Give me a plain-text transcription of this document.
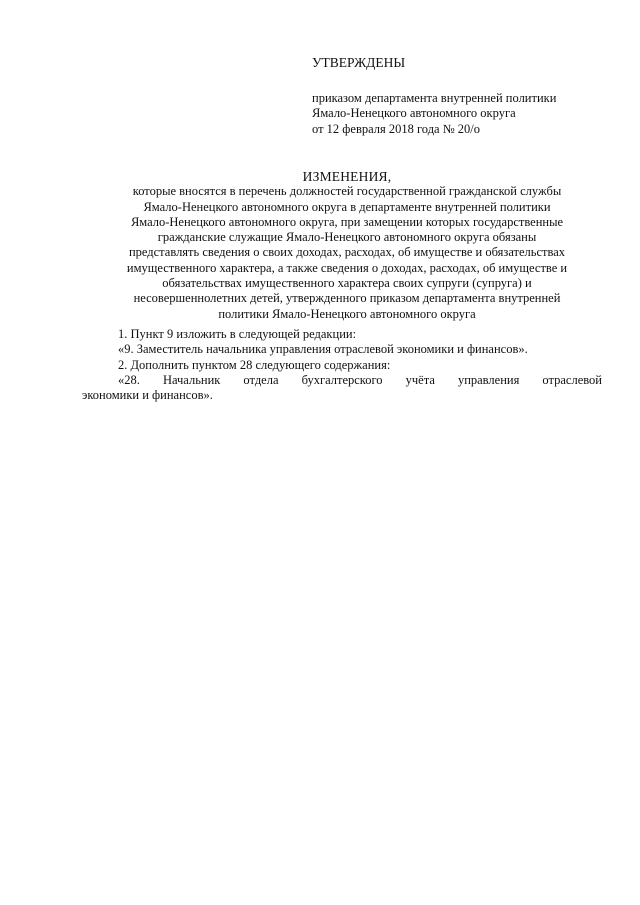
УТВЕРЖДЕНЫ
приказом департамента внутренней политики
Ямало-Ненецкого автономного округа
от 12 февраля 2018 года № 20/о
ИЗМЕНЕНИЯ,
которые вносятся в перечень должностей государственной гражданской службы
Ямало-Ненецкого автономного округа в департаменте внутренней политики
Ямало-Ненецкого автономного округа, при замещении которых государственные
гражданские служащие Ямало-Ненецкого автономного округа обязаны
представлять сведения о своих доходах, расходах, об имуществе и обязательствах
имущественного характера, а также сведения о доходах, расходах, об имуществе и
обязательствах имущественного характера своих супруги (супруга) и
несовершеннолетних детей, утвержденного приказом департамента внутренней
политики Ямало-Ненецкого автономного округа
1. Пункт 9 изложить в следующей редакции:
«9. Заместитель начальника управления отраслевой экономики и финансов».
2. Дополнить пунктом 28 следующего содержания:
«28. Начальник отдела бухгалтерского учёта управления отраслевой
экономики и финансов».
